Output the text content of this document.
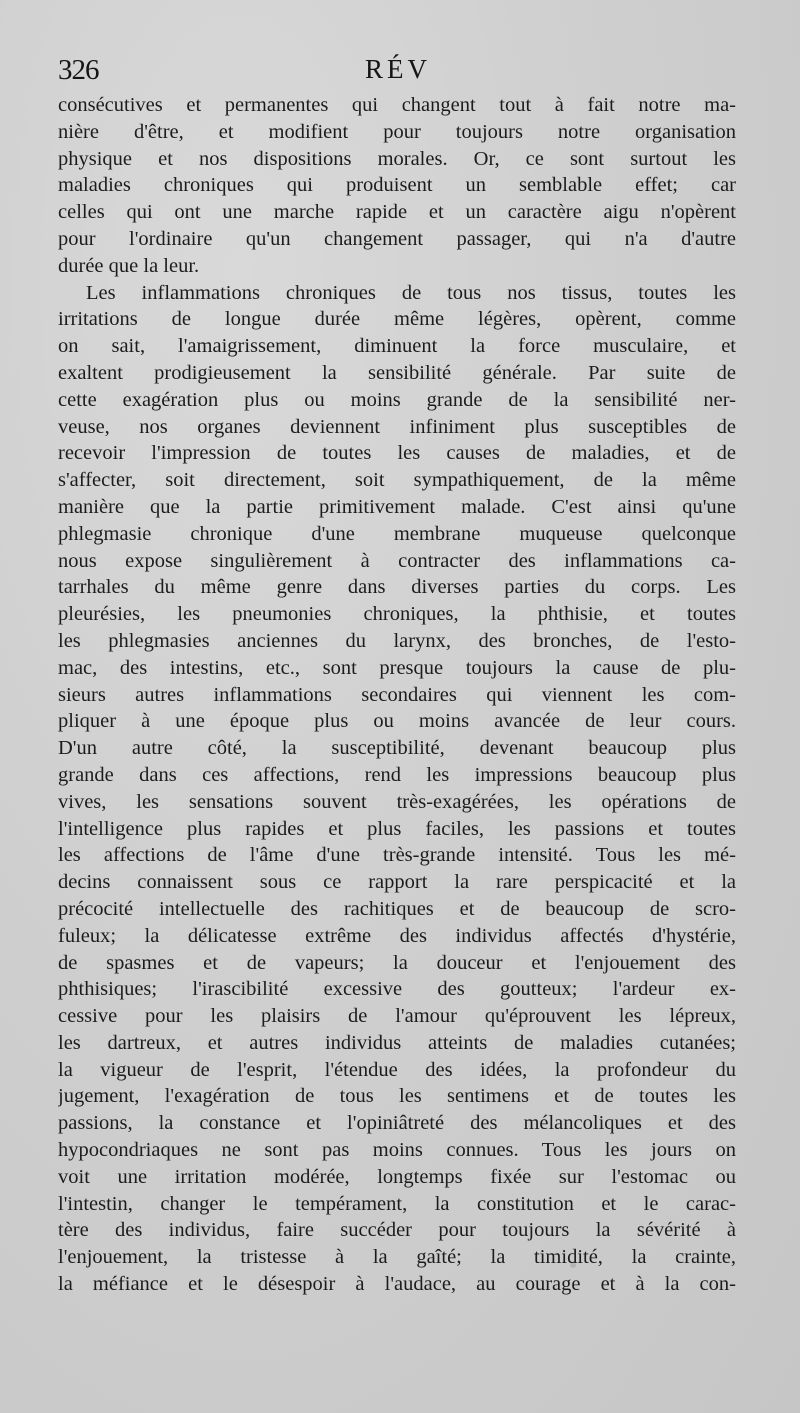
326	RÉV
consécutives et permanentes qui changent tout à fait notre ma-
nière d'être, et modifient pour toujours notre organisation
physique et nos dispositions morales. Or, ce sont surtout les
maladies chroniques qui produisent un semblable effet; car
celles qui ont une marche rapide et un caractère aigu n'opèrent
pour l'ordinaire qu'un changement passager, qui n'a d'autre
durée que la leur.
Les inflammations chroniques de tous nos tissus, toutes les
irritations de longue durée même légères, opèrent, comme
on sait, l'amaigrissement, diminuent la force musculaire, et
exaltent prodigieusement la sensibilité générale. Par suite de
cette exagération plus ou moins grande de la sensibilité ner-
veuse, nos organes deviennent infiniment plus susceptibles de
recevoir l'impression de toutes les causes de maladies, et de
s'affecter, soit directement, soit sympathiquement, de la même
manière que la partie primitivement malade. C'est ainsi qu'une
phlegmasie chronique d'une membrane muqueuse quelconque
nous expose singulièrement à contracter des inflammations ca-
tarrhales du même genre dans diverses parties du corps. Les
pleurésies, les pneumonies chroniques, la phthisie, et toutes
les phlegmasies anciennes du larynx, des bronches, de l'esto-
mac, des intestins, etc., sont presque toujours la cause de plu-
sieurs autres inflammations secondaires qui viennent les com-
pliquer à une époque plus ou moins avancée de leur cours.
D'un autre côté, la susceptibilité, devenant beaucoup plus
grande dans ces affections, rend les impressions beaucoup plus
vives, les sensations souvent très-exagérées, les opérations de
l'intelligence plus rapides et plus faciles, les passions et toutes
les affections de l'âme d'une très-grande intensité. Tous les mé-
decins connaissent sous ce rapport la rare perspicacité et la
précocité intellectuelle des rachitiques et de beaucoup de scro-
fuleux; la délicatesse extrême des individus affectés d'hystérie,
de spasmes et de vapeurs; la douceur et l'enjouement des
phthisiques; l'irascibilité excessive des goutteux; l'ardeur ex-
cessive pour les plaisirs de l'amour qu'éprouvent les lépreux,
les dartreux, et autres individus atteints de maladies cutanées;
la vigueur de l'esprit, l'étendue des idées, la profondeur du
jugement, l'exagération de tous les sentimens et de toutes les
passions, la constance et l'opiniâtreté des mélancoliques et des
hypocondriaques ne sont pas moins connues. Tous les jours on
voit une irritation modérée, longtemps fixée sur l'estomac ou
l'intestin, changer le tempérament, la constitution et le carac-
tère des individus, faire succéder pour toujours la sévérité à
l'enjouement, la tristesse à la gaîté; la timidité, la crainte,
la méfiance et le désespoir à l'audace, au courage et à la con-
